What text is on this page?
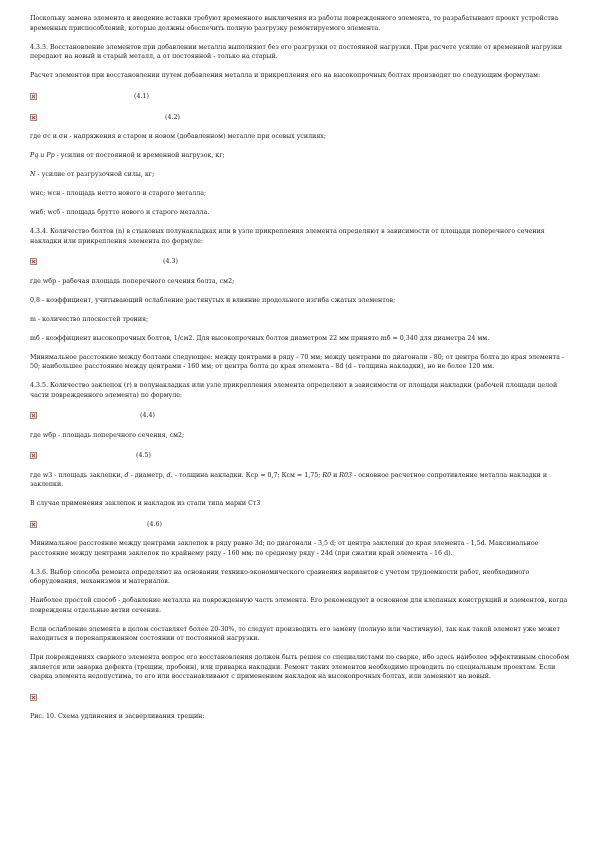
Поскольку замена элемента и введение вставки требуют временного выключения из работы поврежденного элемента, то разрабатывают проект устройства временных приспособлений, которые должны обеспечить полную разгрузку ремонтируемого элемента.

4.3.3. Восстановление элементов при добавлении металла выполняют без его разгрузки от постоянной нагрузки. При расчете усилие от временной нагрузки передают на новый и старый металл, а от постоянной - только на старый.

Расчет элементов при восстановлении путем добавления металла и прикрепления его на высокопрочных болтах производят по следующим формулам:

(4.1)
(4.2)

где σс и σн - напряжения в старом и новом (добавленном) металле при осевых усилиях;

Pq и Pp - усилия от постоянной и временной нагрузок, кг;

N - усилие от разгрузочной силы, кг;

wнс; wсн - площадь нетто нового и старого металла;

wнб; wсб - площадь брутто нового и старого металла.

4.3.4. Количество болтов (n) в стыковых полунакладках или в узле прикрепления элемента определяют в зависимости от площади поперечного сечения накладки или прикрепления элемента по формуле:

(4.3)

где wбр - рабочая площадь поперечного сечения болта, см2;

0,8 - коэффициент, учитывающий ослабление растянутых и влияние продольного изгиба сжатых элементов;

m - количество плоскостей трения;

mб - коэффициент высокопрочных болтов, 1/см2. Для высокопрочных болтов диаметром 22 мм принято mб = 0,340 для диаметра 24 мм.

Минимальное расстояние между болтами следующее: между центрами в ряду - 70 мм; между центрами по диагонали - 80; от центра болта до края элемента - 50; наибольшее расстояние между центрами - 160 мм; от центра болта до края элемента - 8d (d - толщина накладки), но не более 120 мм.

4.3.5. Количество заклепок (r) в полунакладках или узле прикрепления элемента определяют в зависимости от площади накладки (рабочей площади целой части поврежденного элемента) по формуле:

(4.4)

где wбр - площадь поперечного сечения, см2;

(4.5)

где w3 - площадь заклепки, d - диаметр, d. - толщина накладки. Кср = 0,7; Ксм = 1,75; R0 и R03 - основное расчетное сопротивление металла накладки и заклепки.

В случае применения заклепок и накладок из стали типа марки Ст3

(4.6)

Минимальное расстояние между центрами заклепок в ряду равно 3d; по диагонали - 3,5 d; от центра заклепки до края элемента - 1,5d. Максимальное расстояние между центрами заклепок по крайнему ряду - 160 мм; по среднему ряду - 24d (при сжатии край элемента - 16 d).

4.3.6. Выбор способа ремонта определяют на основании технико-экономического сравнения вариантов с учетом трудоемкости работ, необходимого оборудования, механизмов и материалов.

Наиболее простой способ - добавление металла на поврежденную часть элемента. Его рекомендуют в основном для клепаных конструкций и элементов, когда повреждены отдельные ветви сечения.

Если ослабление элемента в целом составляет более 20-30%, то следует производить его замену (полную или частичную), так как такой элемент уже может находиться в перенапряженном состоянии от постоянной нагрузки.

При повреждениях сварного элемента вопрос его восстановления должен быть решен со специалистами по сварке, ибо здесь наиболее эффективным способом является или заварка дефекта (трещин, пробоин), или приварка накладки. Ремонт таких элементов необходимо проводить по специальным проектам. Если сварка элемента недопустима, то его или восстанавливают с применением накладок на высокопрочных болтах, или заменяют на новый.

Рис. 10. Схема удлинения и засверливания трещин:
